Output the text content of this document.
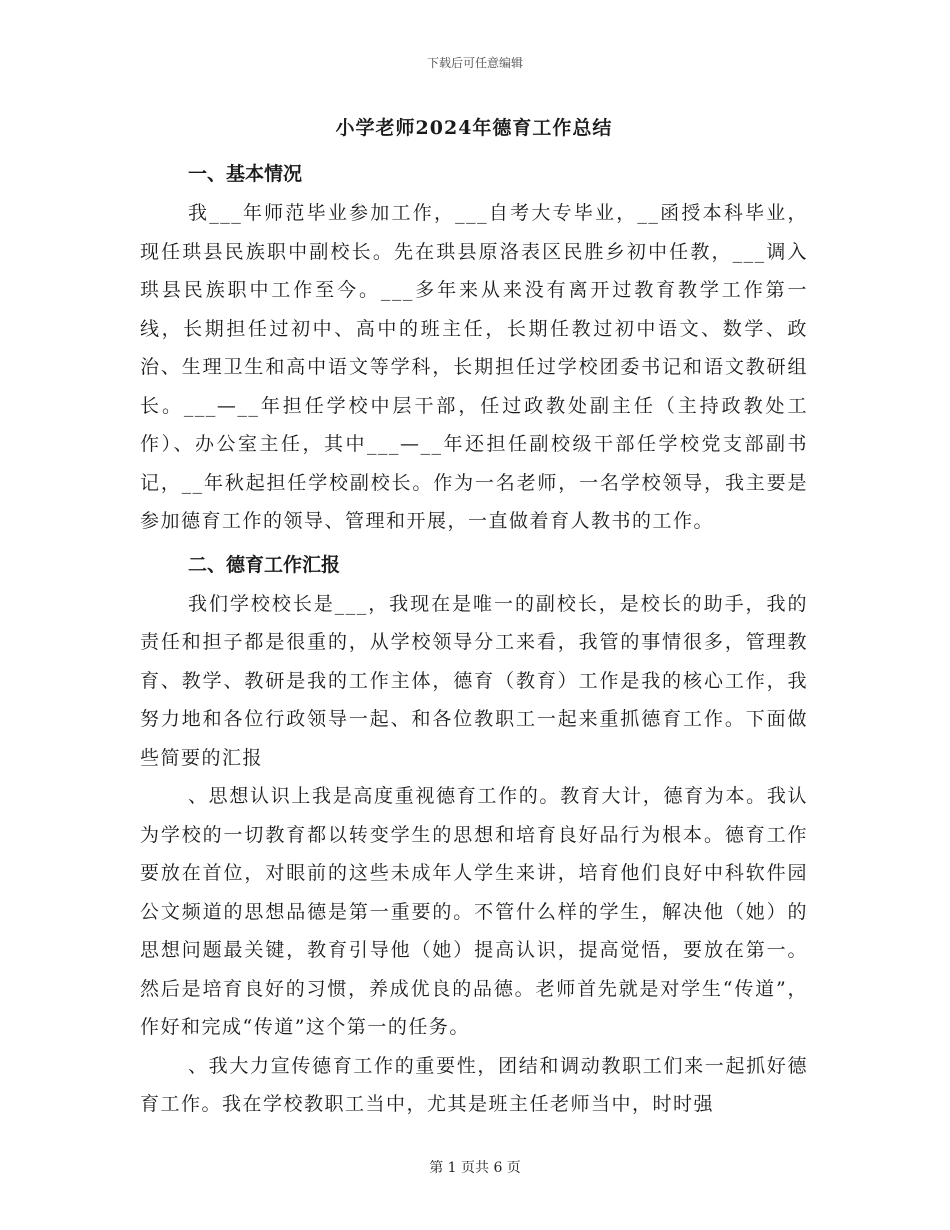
下载后可任意编辑
小学老师2024年德育工作总结
一、基本情况

我___年师范毕业参加工作，___自考大专毕业，__函授本科毕业，现任珙县民族职中副校长。先在珙县原洛表区民胜乡初中任教，___调入珙县民族职中工作至今。___多年来从来没有离开过教育教学工作第一线，长期担任过初中、高中的班主任，长期任教过初中语文、数学、政治、生理卫生和高中语文等学科，长期担任过学校团委书记和语文教研组长。___—__年担任学校中层干部，任过政教处副主任（主持政教处工作）、办公室主任，其中___—__年还担任副校级干部任学校党支部副书记，__年秋起担任学校副校长。作为一名老师，一名学校领导，我主要是参加德育工作的领导、管理和开展，一直做着育人教书的工作。

二、德育工作汇报

我们学校校长是___，我现在是唯一的副校长，是校长的助手，我的责任和担子都是很重的，从学校领导分工来看，我管的事情很多，管理教育、教学、教研是我的工作主体，德育（教育）工作是我的核心工作，我努力地和各位行政领导一起、和各位教职工一起来重抓德育工作。下面做些简要的汇报

、思想认识上我是高度重视德育工作的。教育大计，德育为本。我认为学校的一切教育都以转变学生的思想和培育良好品行为根本。德育工作要放在首位，对眼前的这些未成年人学生来讲，培育他们良好中科软件园公文频道的思想品德是第一重要的。不管什么样的学生，解决他（她）的思想问题最关键，教育引导他（她）提高认识，提高觉悟，要放在第一。然后是培育良好的习惯，养成优良的品德。老师首先就是对学生“传道”，作好和完成“传道”这个第一的任务。

、我大力宣传德育工作的重要性，团结和调动教职工们来一起抓好德育工作。我在学校教职工当中，尤其是班主任老师当中，时时强

第 1 页共 6 页
